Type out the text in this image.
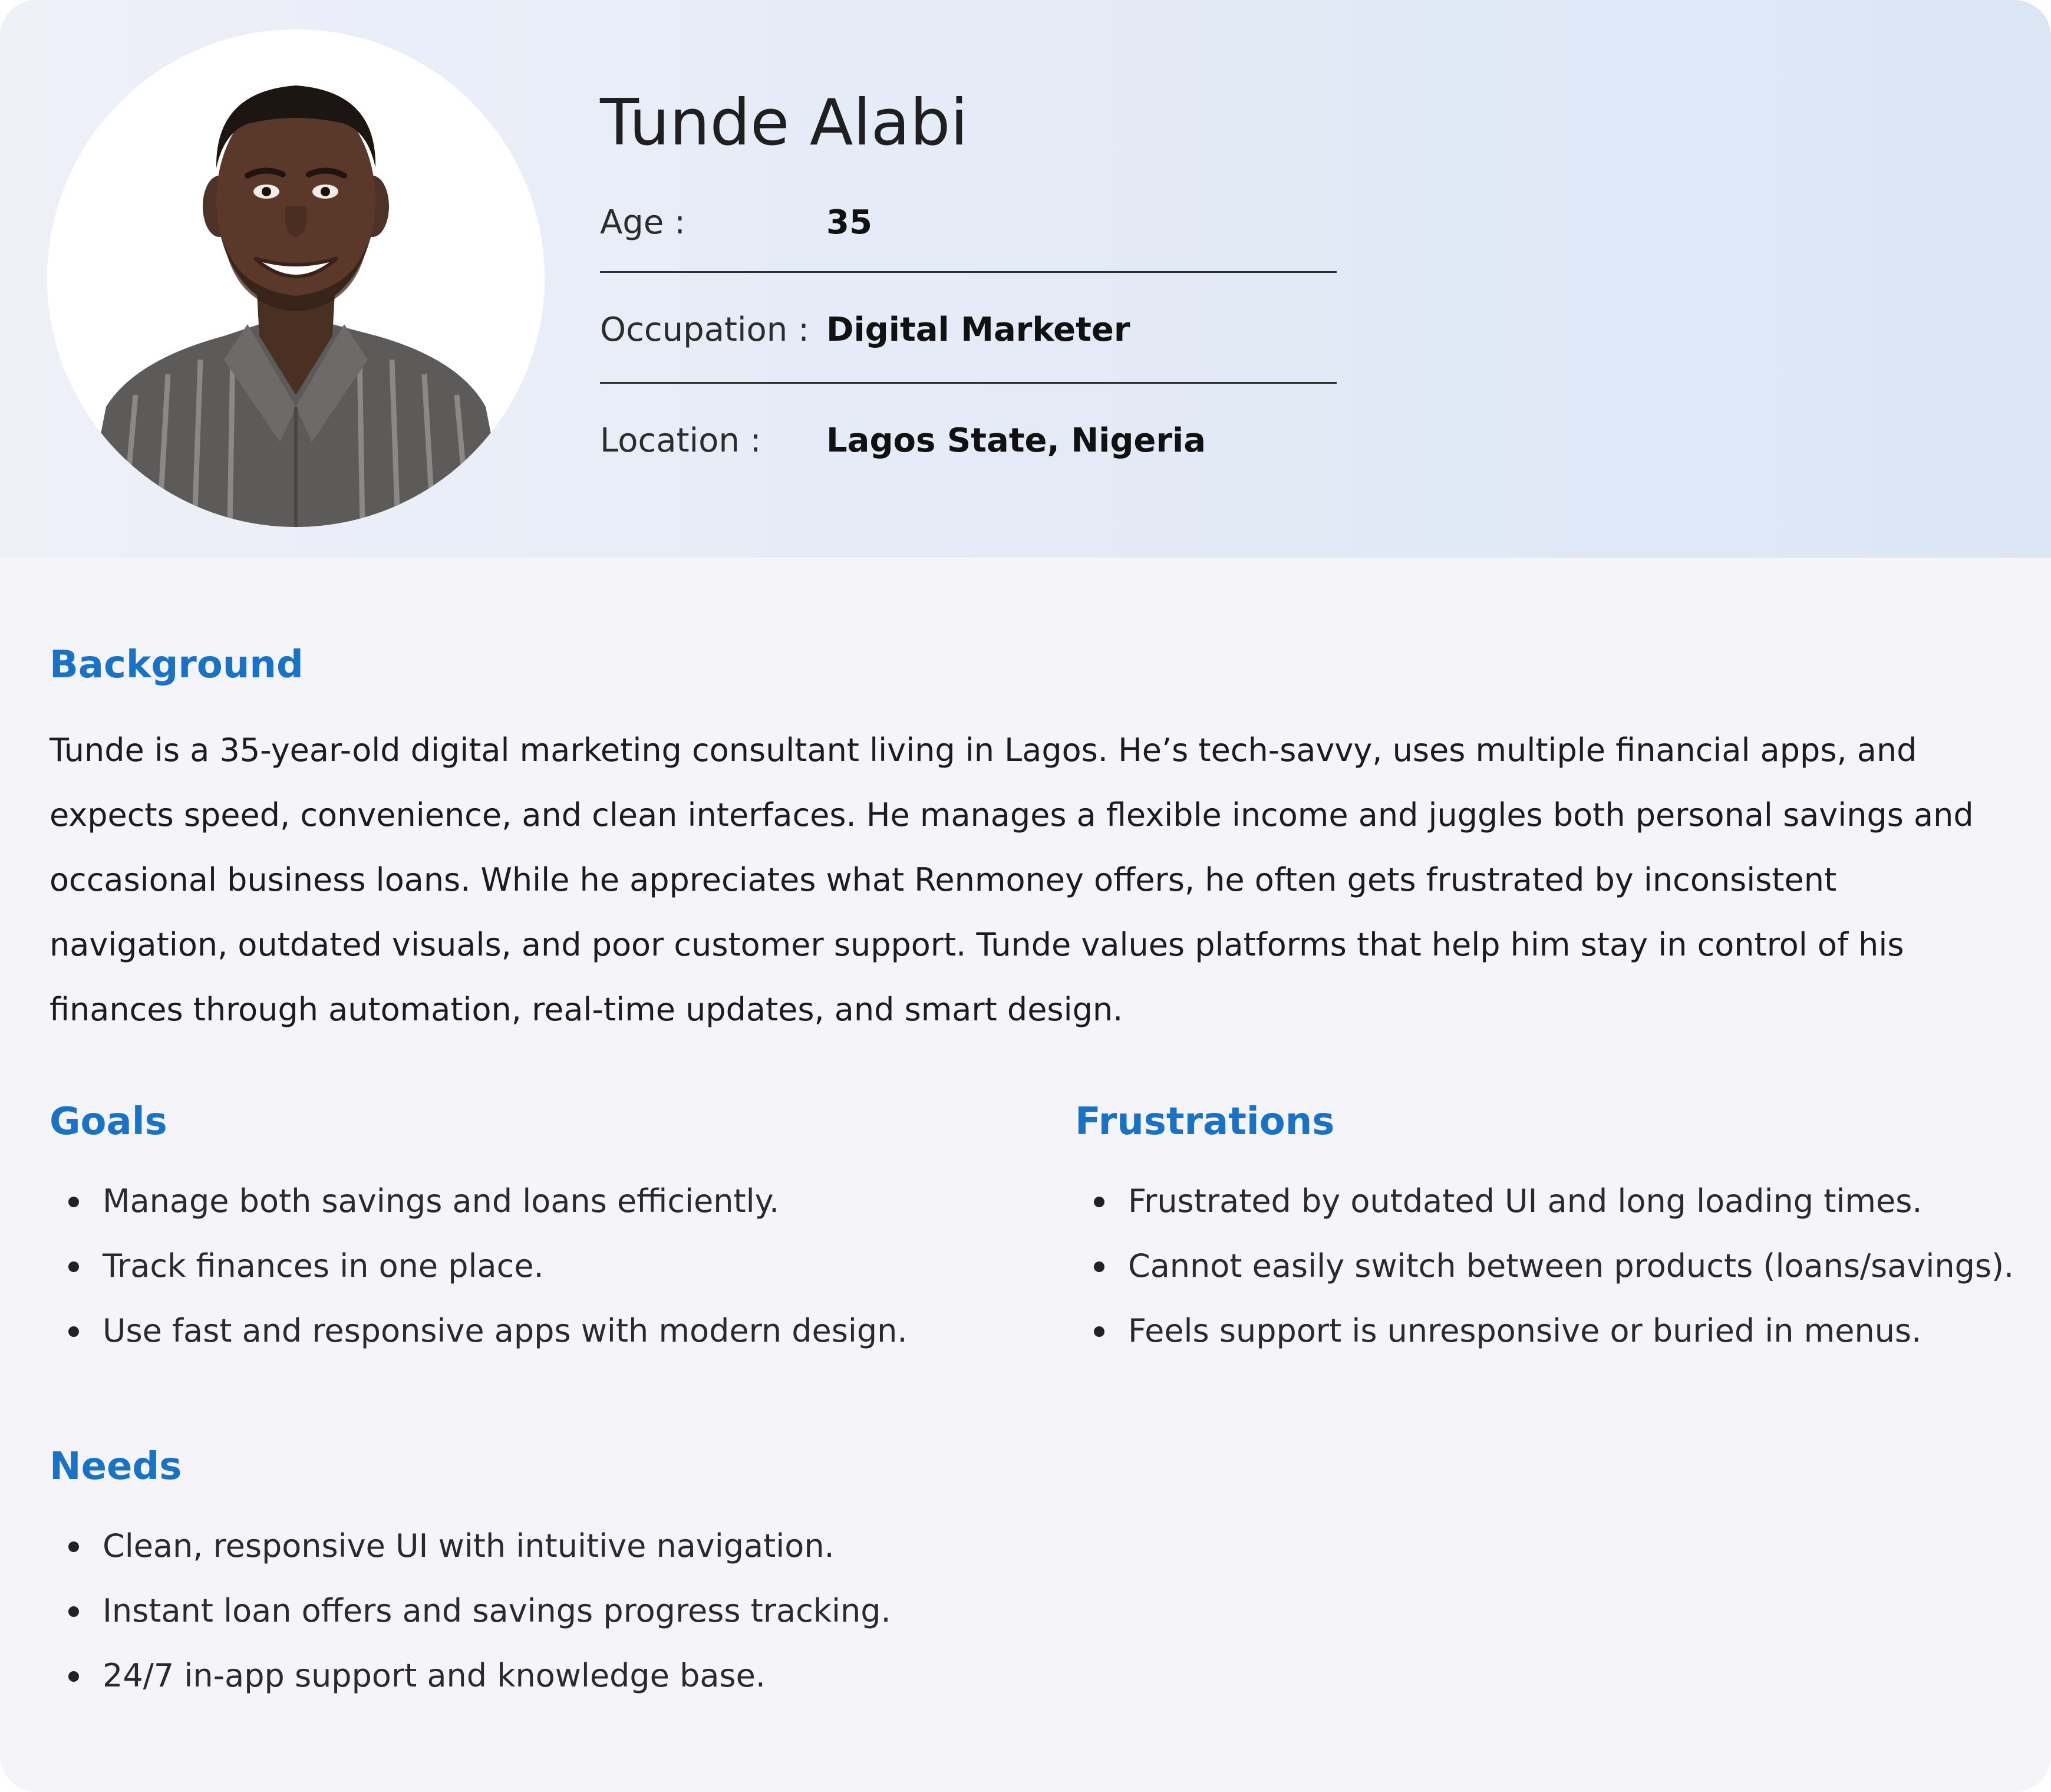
Tunde Alabi
Age :	35
Occupation : Digital Marketer
Location : Lagos State, Nigeria
Background

Tunde is a 35-year-old digital marketing consultant living in Lagos. He’s tech-savvy, uses multiple financial apps, and
expects speed, convenience, and clean interfaces. He manages a flexible income and juggles both personal savings and
occasional business loans. While he appreciates what Renmoney offers, he often gets frustrated by inconsistent
navigation, outdated visuals, and poor customer support. Tunde values platforms that help him stay in control of his
finances through automation, real-time updates, and smart design.

Goals
Manage both savings and loans efficiently.
Track finances in one place.
Use fast and responsive apps with modern design.
Frustrations
Frustrated by outdated UI and long loading times.
Cannot easily switch between products (loans/savings).
Feels support is unresponsive or buried in menus.
Needs
Clean, responsive UI with intuitive navigation.
Instant loan offers and savings progress tracking.
24/7 in-app support and knowledge base.
